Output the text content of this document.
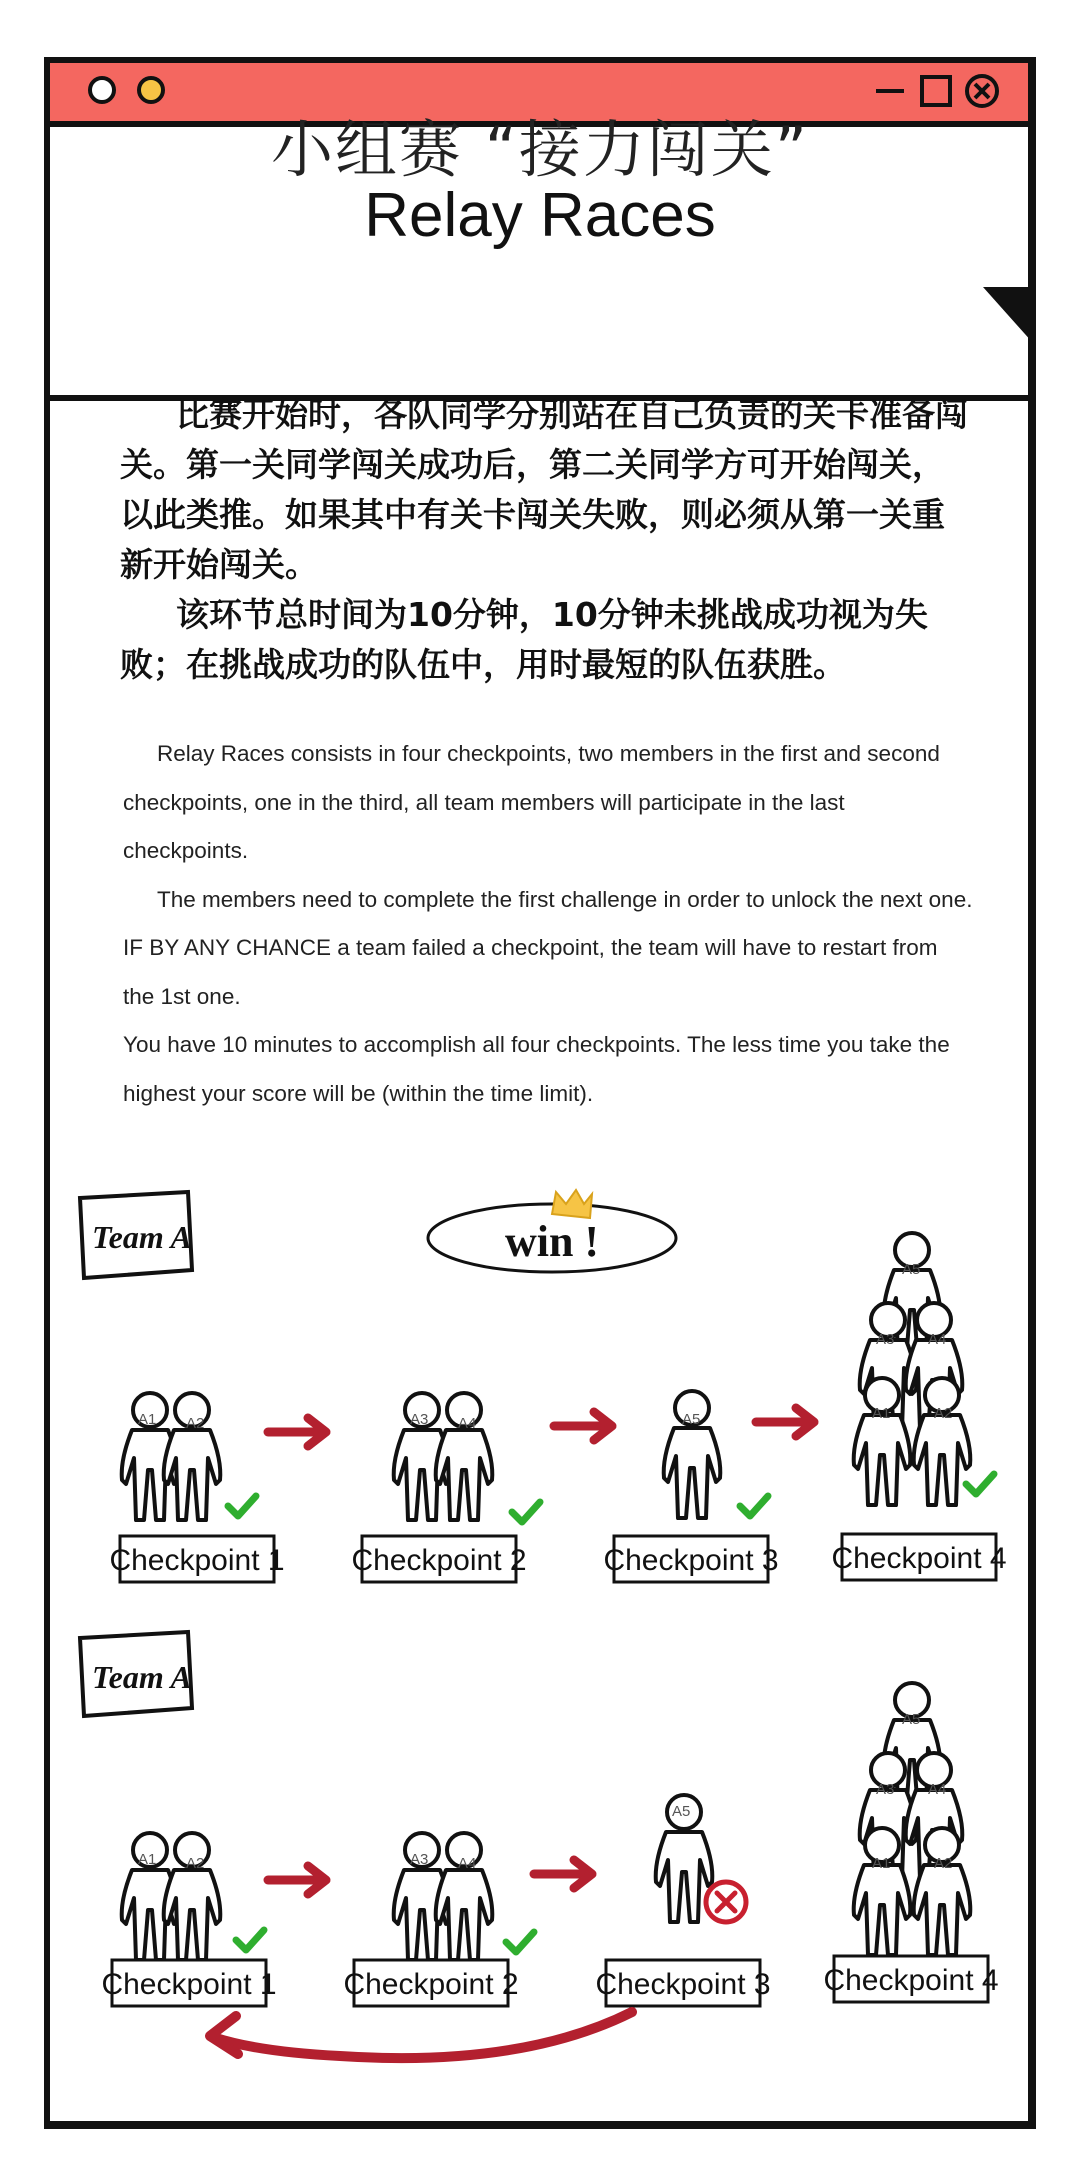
小组赛 “接力闯关”
Relay Races

比赛开始时，各队同学分别站在自己负责的关卡准备闯关。第一关同学闯关成功后，第二关同学方可开始闯关，以此类推。如果其中有关卡闯关失败，则必须从第一关重新开始闯关。

该环节总时间为10分钟，10分钟未挑战成功视为失败；在挑战成功的队伍中，用时最短的队伍获胜。

Relay Races consists in four checkpoints, two members in the first and second checkpoints, one in the third, all team members will participate in the last checkpoints.

The members need to complete the first challenge in order to unlock the next one. IF BY ANY CHANCE a team failed a checkpoint, the team will have to restart from the 1st one.

You have 10 minutes to accomplish all four checkpoints. The less time you take the highest your score will be (within the time limit).

Team A	win !
A1 A2	A3 A4	A5
A5
A3 A4
A1	A2
Checkpoint 1 Checkpoint 2	Checkpoint 3 Checkpoint 4
Team A
A1 A2	A3 A4
A5
A5
A3 A4
A1	A2
Checkpoint 1 Checkpoint 2	Checkpoint 3 Checkpoint 4
